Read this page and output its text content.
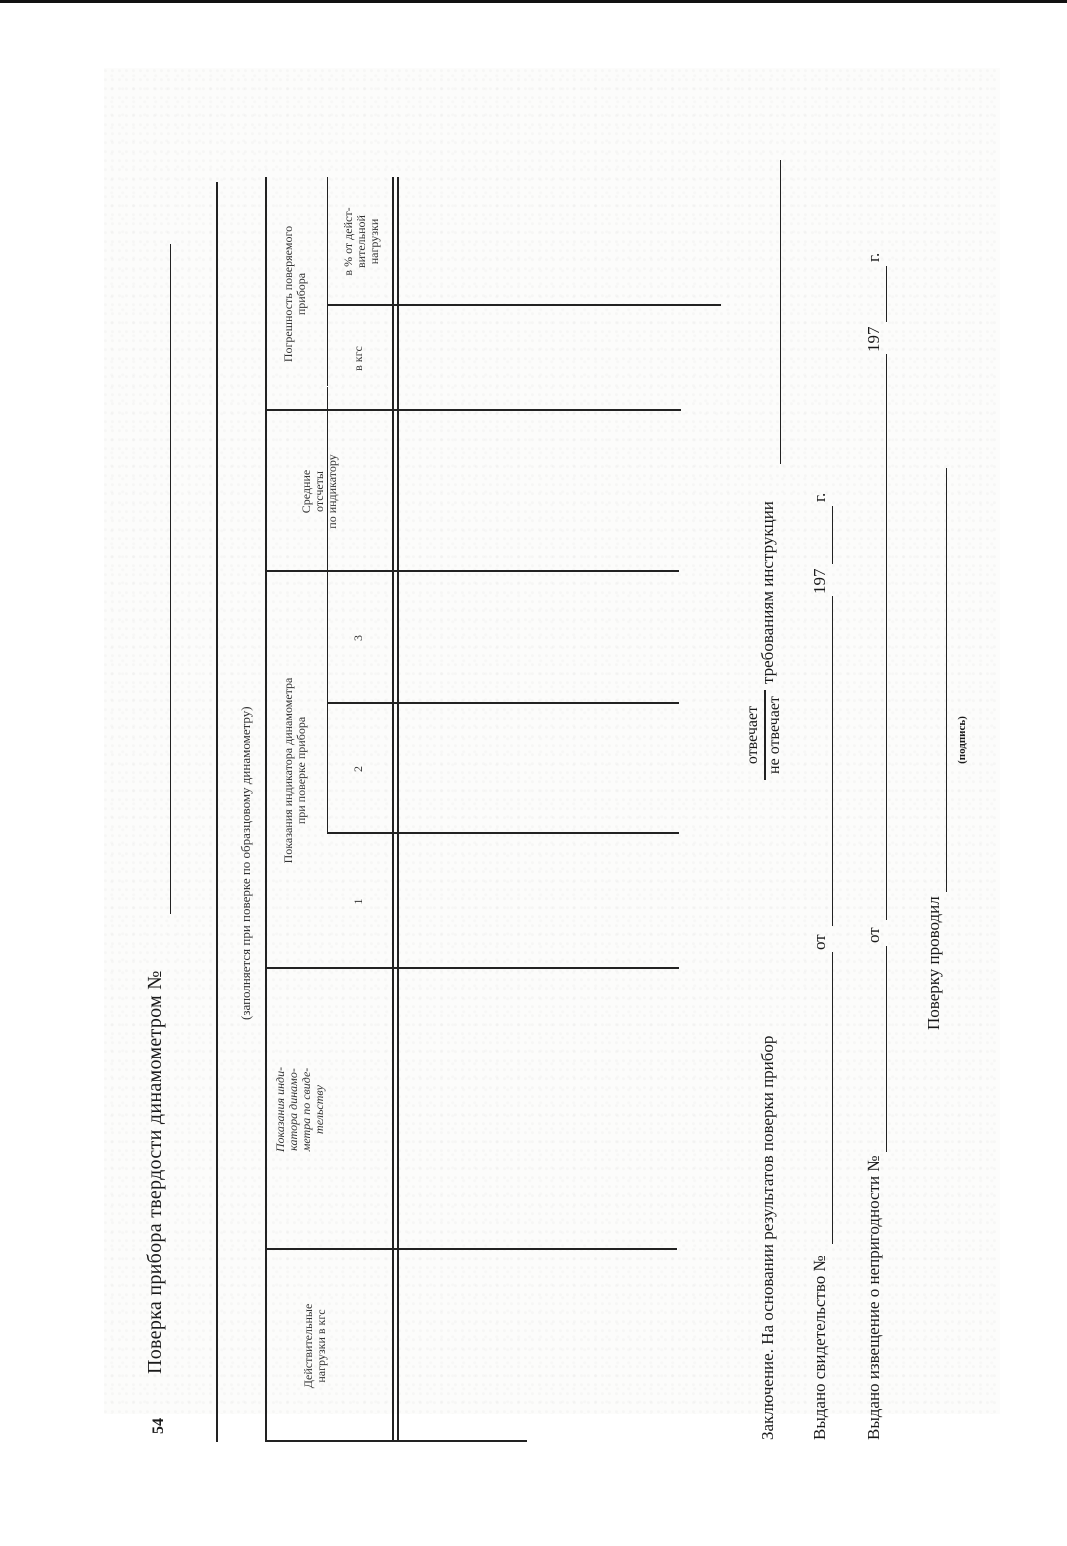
54
Поверка прибора твердости динамометром №
(заполняется при поверке по образцовому динамометру)
Действительные нагрузки в кгс
Показания инди- катора динамо- метра по свиде- тельству
Показания индикатора динамометра при поверке прибора
1
2
3
Средние отсчеты по индикатору
Погрешность поверяемого прибора
в кгс
в % от дейст- вительной нагрузки
Заключение. На основании результатов поверки прибор
отвечает не отвечает
требованиям инструкции
Выдано свидетельство №
от
197
г.
Выдано извещение о непригодности №
от
197
г.
Поверку проводил
(подпись)
